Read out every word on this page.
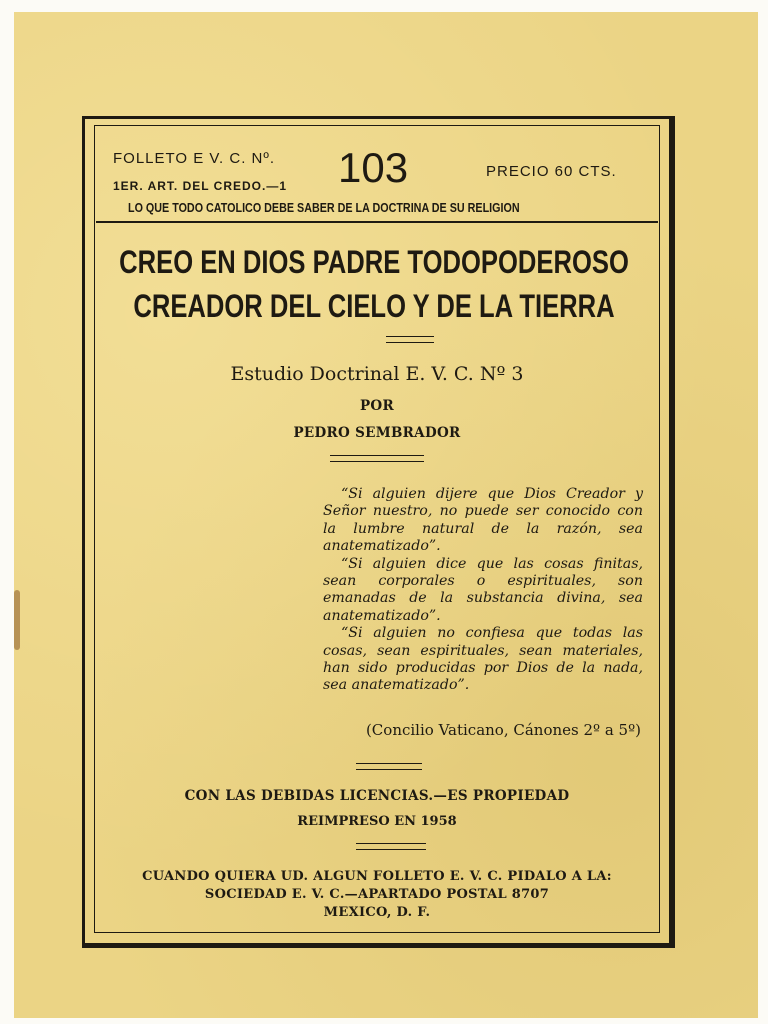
FOLLETO E V. C. Nº. 103	PRECIO 60 CTS.
1ER. ART. DEL CREDO.—1
LO QUE TODO CATOLICO DEBE SABER DE LA DOCTRINA DE SU RELIGION
CREO EN DIOS PADRE TODOPODEROSO
CREADOR DEL CIELO Y DE LA TIERRA
Estudio Doctrinal E. V. C. Nº 3
POR
PEDRO SEMBRADOR

“Si alguien dijere que Dios Creador y Señor nuestro, no puede ser conocido con la lumbre natural de la razón, sea anatematizado”.

“Si alguien dice que las cosas finitas, sean corporales o espirituales, son emanadas de la substancia divina, sea anatematizado”.

“Si alguien no confiesa que todas las cosas, sean espirituales, sean materiales, han sido producidas por Dios de la nada, sea anatematizado”.

(Concilio Vaticano, Cánones 2º a 5º)
CON LAS DEBIDAS LICENCIAS.—ES PROPIEDAD
REIMPRESO EN 1958
CUANDO QUIERA UD. ALGUN FOLLETO E. V. C. PIDALO A LA:
SOCIEDAD E. V. C.—APARTADO POSTAL 8707
MEXICO, D. F.
